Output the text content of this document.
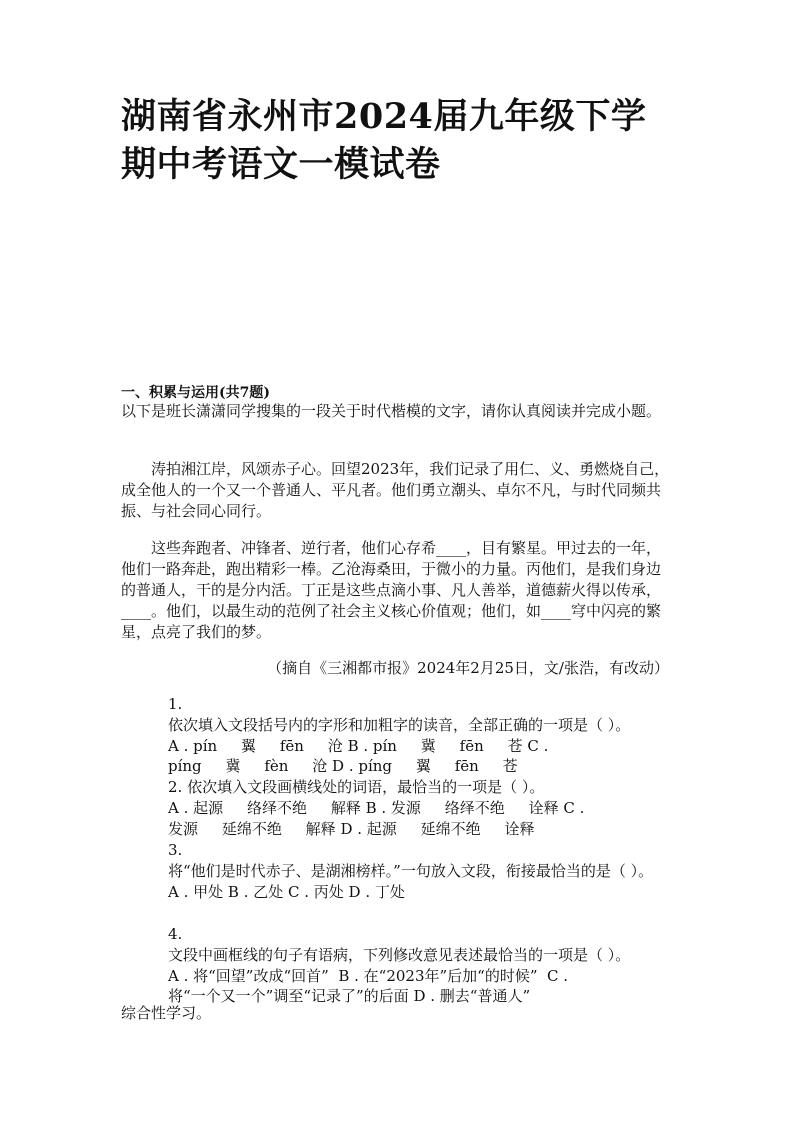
湖南省永州市2024届九年级下学期中考语文一模试卷

一、积累与运用(共7题)

以下是班长潇潇同学搜集的一段关于时代楷模的文字，请你认真阅读并完成小题。

涛拍湘江岸，风颂赤子心。回望2023年，我们记录了用仁、义、勇燃烧自己，成全他人的一个又一个普通人、平凡者。他们勇立潮头、卓尔不凡，与时代同频共振、与社会同心同行。

这些奔跑者、冲锋者、逆行者，他们心存希____，目有繁星。甲过去的一年，他们一路奔赴，跑出精彩一棒。乙沧海桑田，于微小的力量。丙他们，是我们身边的普通人，干的是分内活。丁正是这些点滴小事、凡人善举，道德薪火得以传承，____。他们，以最生动的范例了社会主义核心价值观；他们，如____穹中闪亮的繁星，点亮了我们的梦。

（摘自《三湘都市报》2024年2月25日，文/张浩，有改动）

1.
依次填入文段括号内的字形和加粗字的读音，全部正确的一项是（ ）。
A . pín     翼     fēn     沧 B . pín     冀     fēn     苍 C .
píng     冀     fèn     沧 D . píng     翼     fēn     苍
2. 依次填入文段画横线处的词语，最恰当的一项是（ ）。
A . 起源     络绎不绝     解释 B . 发源     络绎不绝     诠释 C .
发源     延绵不绝     解释 D . 起源     延绵不绝     诠释
3.
将“他们是时代赤子、是湖湘榜样。”一句放入文段，衔接最恰当的是（ ）。
A . 甲处 B . 乙处 C . 丙处 D . 丁处
4.
文段中画框线的句子有语病，下列修改意见表述最恰当的一项是（ ）。
A . 将“回望”改成“回首”  B . 在“2023年”后加“的时候”  C .
将“一个又一个”调至“记录了”的后面 D . 删去“普通人”

综合性学习。
